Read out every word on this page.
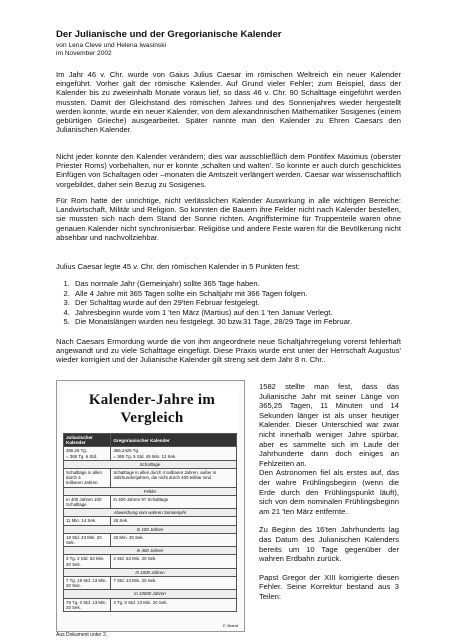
Der Julianische und der Gregorianische Kalender
von Lena Cleve und Helena Iwasinski
im November 2002

Im Jahr 46 v. Chr. wurde von Gaius Julius Caesar im römischen Weltreich ein neuer Kalender eingeführt. Vorher galt der römische Kalender. Auf Grund vieler Fehler; zum Beispiel, dass der Kalender bis zu zweieinhalb Monate voraus lief, so dass 46 v. Chr. 90 Schalttage eingeführt werden mussten. Damit der Gleichstand des römischen Jahres und des Sonnenjahres wieder hergestellt werden konnte, wurde ein neuer Kalender, von dem alexandrinischen Mathematiker Sosigenes (einem gebürtigen Grieche) ausgearbeitet. Später nannte man den Kalender zu Ehren Caesars den Julianischen Kalender.

Nicht jeder konnte den Kalender verändern; dies war ausschließlich dem Pontifex Maximus (oberster Priester Roms) vorbehalten, nur er konnte ‚schalten und walten'. So konnte er auch durch geschicktes Einfügen von Schaltagen oder –monaten die Amtszeit verlängert werden. Caesar war wissenschaftlich vorgebildet, daher sein Bezug zu Sosigenes.

Für Rom hatte der unrichtige, nicht verlässlichen Kalender Auswirkung in alle wichtigen Bereiche: Landwirtschaft, Militär und Religion. So konnten die Bauern ihre Felder nicht nach Kalender bestellen, sie mussten sich nach dem Stand der Sonne richten. Angriffstermine für Truppenteile waren ohne genauen Kalender nicht synchronisierbar. Religiöse und andere Feste waren für die Bevölkerung nicht absehbar und nachvollziehbar.

Julius Caesar legte 45 v. Chr. den römischen Kalender in 5 Punkten fest:

1. Das normale Jahr (Gemeinjahr) sollte 365 Tage haben.
2. Alle 4 Jahre mit 365 Tagen sollte ein Schaltjahr mit 366 Tagen folgen.
3. Der Schalttag wurde auf den 29'ten Februar festgelegt.
4. Jahresbeginn wurde vom 1 'ten März (Martius) auf den 1 'ten Januar Verlegt.
5. Die Monatslängen wurden neu festgelegt. 30 bzw.31 Tage, 28/29 Tage im Februar.

Nach Caesars Ermordung wurde die von ihm angeordnete neue Schaltjahrregelung vorerst fehlerhaft angewandt und zu viele Schalttage eingefügt. Diese Praxis wurde erst unter der Herrschaft Augustus' wieder korrigiert und der Julianische Kalender gilt streng seit dem Jahr 8 n. Chr..

Kalender-Jahre im Vergleich
Julianischer Kalender	Gregorianischer Kalender
365,25 Tg.
= 365 Tg. 6 Std.	365,2425 Tg.
= 365 Tg. 5 Std. 49 Min. 12 Sek.
Schalttage	
Schalttage in allen durch 4
teilbaren Jahren	Schalttage in allen durch 4 teilbaren Jahren, außer in Jahrhundertjahren, die nicht durch 400 teilbar sind
Fehler	
In 400 Jahren 100 Schalttage	In 400 Jahren 97 Schalttage
Abweichung vom wahren Sonnenjahr	
11 Min. 14 Sek.	26 Sek.
In 100 Jahren	
18 Std. 43 Min. 20 Sek.	43 Min. 20 Sek.
In 400 Jahren	
3 Tg. 2 Std. 53 Min. 20 Sek.	2 Std. 53 Min. 20 Sek.
In 1000 Jahren	
7 Tg. 19 Std. 13 Min. 20 Sek.	7 Std. 13 Min. 20 Sek.
In 10000 Jahren	
78 Tg. 0 Std. 13 Min. 20 Sek.	3 Tg. 0 Std. 13 Min. 20 Sek.
F. Brand
Aus Dokument unter 2.

1582 stellte man fest, dass das Julianische Jahr mit seiner Länge von 365,25 Tagen, 11 Minuten und 14 Sekunden länger ist als unser heutiger Kalender. Dieser Unterschied war zwar nicht innerhalb weniger Jahre spürbar, aber es sammelte sich im Laufe der Jahrhunderte dann doch einiges an Fehlzeiten an.
Den Astronomen fiel als erstes auf, das der wahre Frühlingsbeginn (wenn die Erde durch den Frühlingspunkt läuft), sich von dem nominalen Frühlingsbeginn am 21 'ten März entfernte.

Zu Beginn des 16'ten Jahrhunderts lag das Datum des Julianischen Kalenders bereits um 10 Tage gegenüber der wahren Erdbahn zurück.

Papst Gregor der XIII korrigierte diesen Fehler. Seine Korrektur bestand aus 3 Teilen:
